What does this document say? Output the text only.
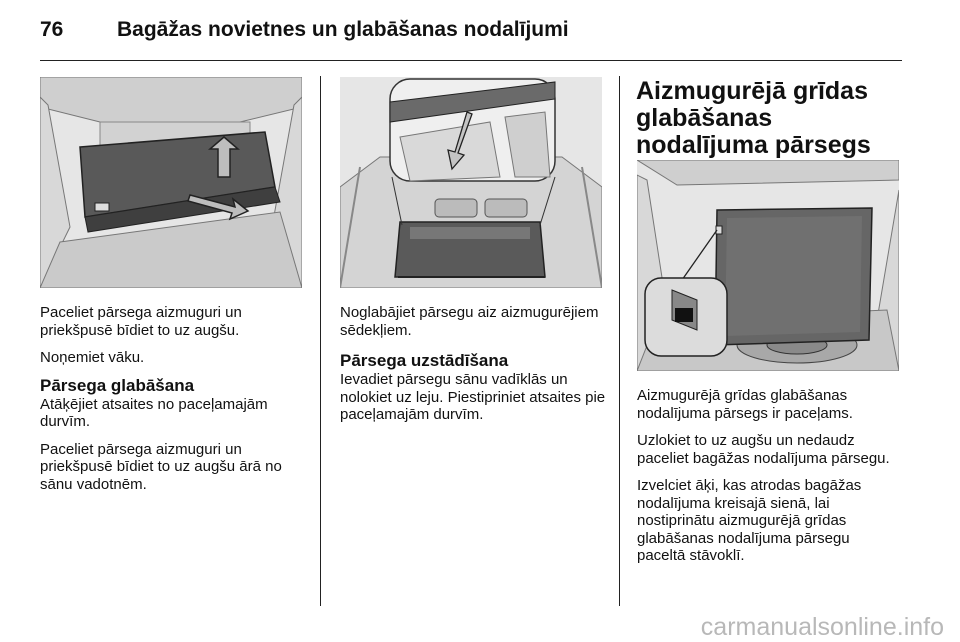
76	Bagāžas novietnes un glabāšanas nodalījumi

Paceliet pārsega aizmuguri un priekšpusē bīdiet to uz augšu.

Noņemiet vāku.

Pārsega glabāšana

Atāķējiet atsaites no paceļamajām durvīm.

Paceliet pārsega aizmuguri un priekšpusē bīdiet to uz augšu ārā no sānu vadotnēm.

Noglabājiet pārsegu aiz aizmugurējiem sēdekļiem.

Pārsega uzstādīšana

Ievadiet pārsegu sānu vadīklās un nolokiet uz leju. Piestipriniet atsaites pie paceļamajām durvīm.

Aizmugurējā grīdas glabāšanas nodalījuma pārsegs

Aizmugurējā grīdas glabāšanas nodalījuma pārsegs ir paceļams.

Uzlokiet to uz augšu un nedaudz paceliet bagāžas nodalījuma pārsegu.

Izvelciet āķi, kas atrodas bagāžas nodalījuma kreisajā sienā, lai nostiprinātu aizmugurējā grīdas glabāšanas nodalījuma pārsegu paceltā stāvoklī.

carmanualsonline.info
